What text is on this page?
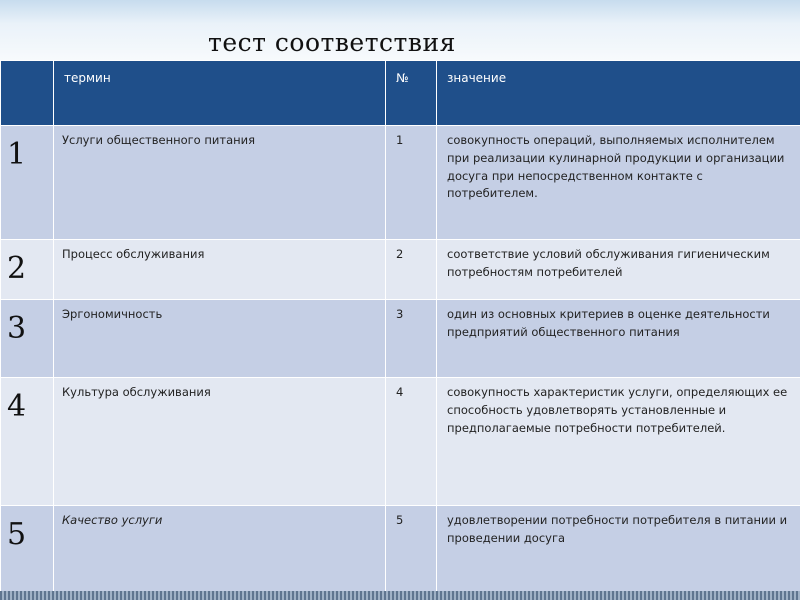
тест соответствия

	термин	№	значение

1	Услуги общественного питания	1	совокупность операций, выполняемых исполнителем при реализации кулинарной продукции и организации досуга при непосредственном контакте с потребителем.

2	Процесс обслуживания	2	соответствие условий обслуживания гигиеническим потребностям потребителей

3	Эргономичность	3	один из основных критериев в оценке деятельности предприятий общественного питания

4	Культура обслуживания	4	совокупность характеристик услуги, определяющих ее способность удовлетворять установленные и предполагаемые потребности потребителей.

5	Качество услуги	5	удовлетворении потребности потребителя в питании и проведении досуга
